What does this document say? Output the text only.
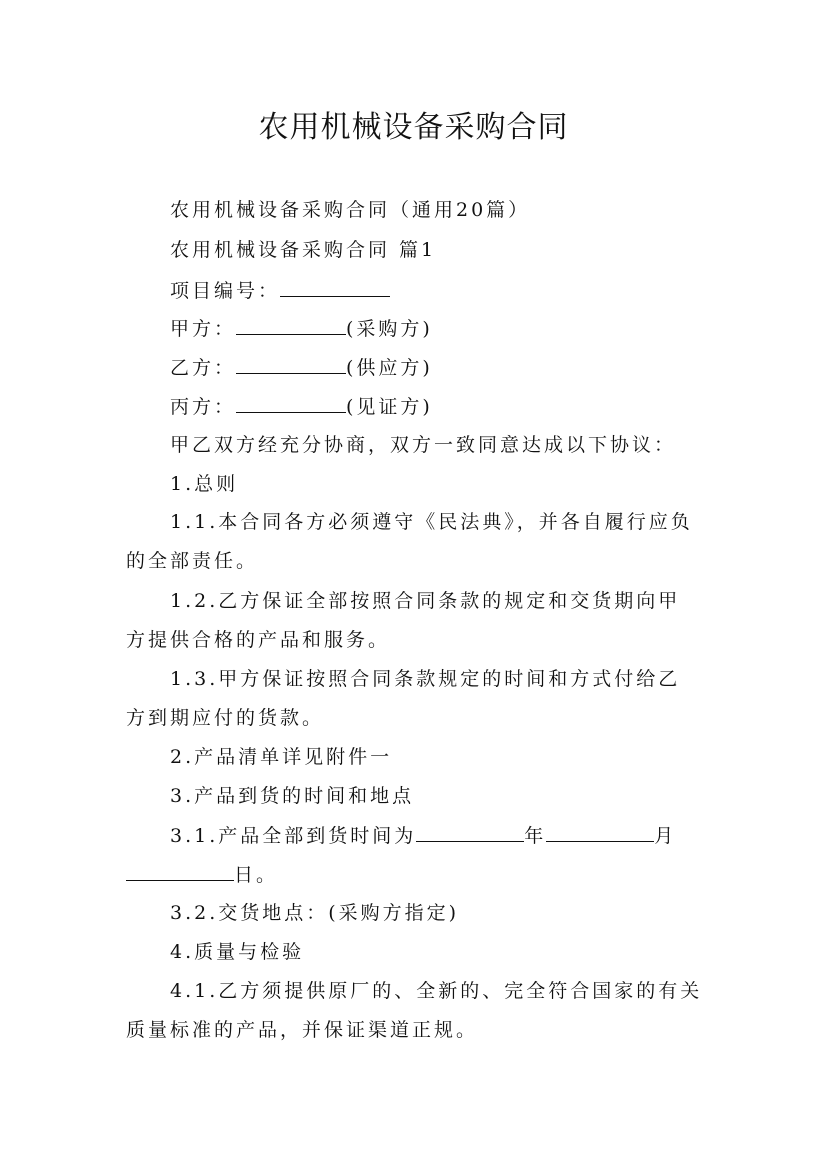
农用机械设备采购合同
农用机械设备采购合同（通用20篇）
农用机械设备采购合同 篇1
项目编号：
甲方：	(采购方)
乙方：	(供应方)
丙方：	(见证方)
甲乙双方经充分协商，双方一致同意达成以下协议：
1.总则
1.1.本合同各方必须遵守《民法典》，并各自履行应负
的全部责任。
1.2.乙方保证全部按照合同条款的规定和交货期向甲
方提供合格的产品和服务。
1.3.甲方保证按照合同条款规定的时间和方式付给乙
方到期应付的货款。
2.产品清单详见附件一
3.产品到货的时间和地点
3.1.产品全部到货时间为	年	月
日。
3.2.交货地点：(采购方指定)
4.质量与检验
4.1.乙方须提供原厂的、全新的、完全符合国家的有关
质量标准的产品，并保证渠道正规。
